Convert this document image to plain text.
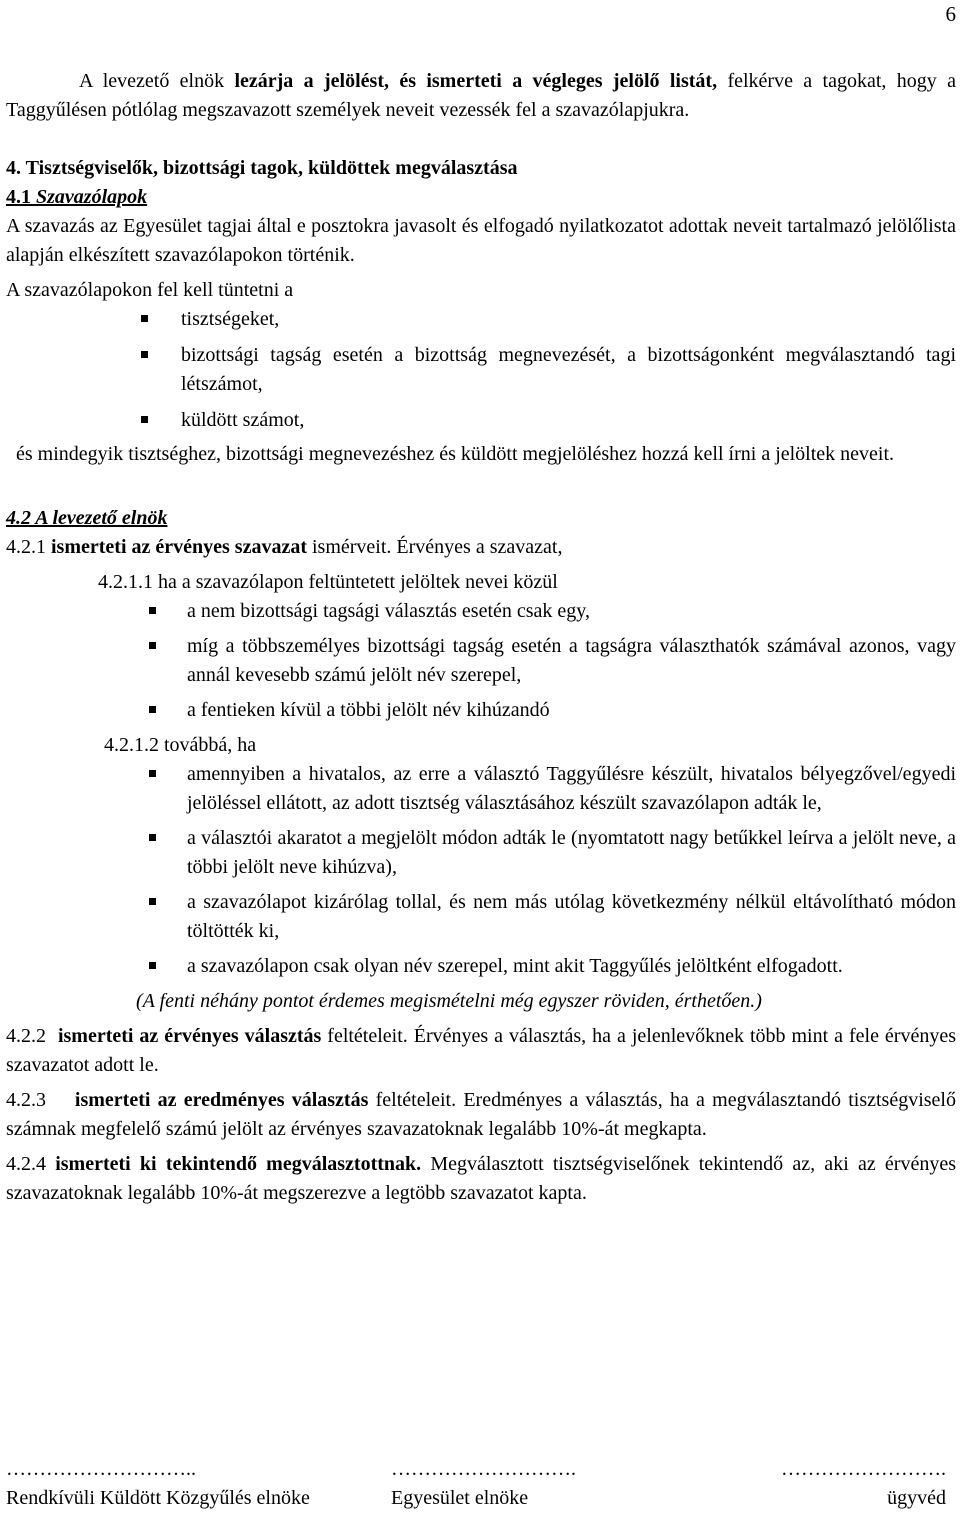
6

A levezető elnök lezárja a jelölést, és ismerteti a végleges jelölő listát, felkérve a tagokat, hogy a Taggyűlésen pótlólag megszavazott személyek neveit vezessék fel a szavazólapjukra.

4. Tisztségviselők, bizottsági tagok, küldöttek megválasztása

4.1 Szavazólapok

A szavazás az Egyesület tagjai által e posztokra javasolt és elfogadó nyilatkozatot adottak neveit tartalmazó jelölőlista alapján elkészített szavazólapokon történik.

A szavazólapokon fel kell tüntetni a

tisztségeket,
bizottsági tagság esetén a bizottság megnevezését, a bizottságonként megválasztandó tagi létszámot,
küldött számot,

és mindegyik tisztséghez, bizottsági megnevezéshez és küldött megjelöléshez hozzá kell írni a jelöltek neveit.

4.2 A levezető elnök

4.2.1 ismerteti az érvényes szavazat ismérveit. Érvényes a szavazat,

4.2.1.1 ha a szavazólapon feltüntetett jelöltek nevei közül

a nem bizottsági tagsági választás esetén csak egy,
míg a többszemélyes bizottsági tagság esetén a tagságra választhatók számával azonos, vagy annál kevesebb számú jelölt név szerepel,
a fentieken kívül a többi jelölt név kihúzandó

4.2.1.2 továbbá, ha

amennyiben a hivatalos, az erre a választó Taggyűlésre készült, hivatalos bélyegzővel/egyedi jelöléssel ellátott, az adott tisztség választásához készült szavazólapon adták le,
a választói akaratot a megjelölt módon adták le (nyomtatott nagy betűkkel leírva a jelölt neve, a többi jelölt neve kihúzva),
a szavazólapot kizárólag tollal, és nem más utólag következmény nélkül eltávolítható módon töltötték ki,
a szavazólapon csak olyan név szerepel, mint akit Taggyűlés jelöltként elfogadott.

(A fenti néhány pontot érdemes megismételni még egyszer röviden, érthetően.)

4.2.2  ismerteti az érvényes választás feltételeit. Érvényes a választás, ha a jelenlevőknek több mint a fele érvényes szavazatot adott le.

4.2.3    ismerteti az eredményes választás feltételeit. Eredményes a választás, ha a megválasztandó tisztségviselő számnak megfelelő számú jelölt az érvényes szavazatoknak legalább 10%-át megkapta.

4.2.4 ismerteti ki tekintendő megválasztottnak. Megválasztott tisztségviselőnek tekintendő az, aki az érvényes szavazatoknak legalább 10%-át megszerezve a legtöbb szavazatot kapta.

………………………..	……………………….	…………………….
Rendkívüli Küldött Közgyűlés elnöke	Egyesület elnöke	ügyvéd
